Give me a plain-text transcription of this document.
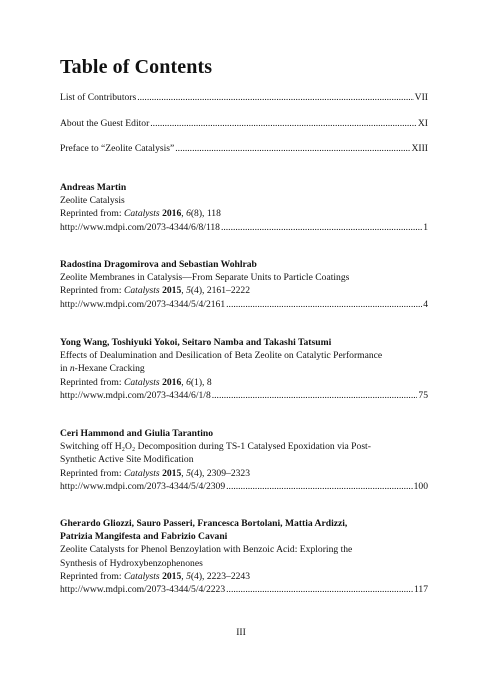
Table of Contents
List of Contributors .....	VII
About the Guest Editor .....	XI
Preface to “Zeolite Catalysis” .....	XIII
Andreas Martin
Zeolite Catalysis
Reprinted from: Catalysts 2016, 6(8), 118
http://www.mdpi.com/2073-4344/6/8/118 .....	1
Radostina Dragomirova and Sebastian Wohlrab
Zeolite Membranes in Catalysis—From Separate Units to Particle Coatings
Reprinted from: Catalysts 2015, 5(4), 2161–2222
http://www.mdpi.com/2073-4344/5/4/2161 .....	4
Yong Wang, Toshiyuki Yokoi, Seitaro Namba and Takashi Tatsumi
Effects of Dealumination and Desilication of Beta Zeolite on Catalytic Performance
in n-Hexane Cracking
Reprinted from: Catalysts 2016, 6(1), 8
http://www.mdpi.com/2073-4344/6/1/8 .....	75
Ceri Hammond and Giulia Tarantino
Switching off H₂O₂ Decomposition during TS-1 Catalysed Epoxidation via Post-
Synthetic Active Site Modification
Reprinted from: Catalysts 2015, 5(4), 2309–2323
http://www.mdpi.com/2073-4344/5/4/2309 .....	100
Gherardo Gliozzi, Sauro Passeri, Francesca Bortolani, Mattia Ardizzi,
Patrizia Mangifesta and Fabrizio Cavani
Zeolite Catalysts for Phenol Benzoylation with Benzoic Acid: Exploring the
Synthesis of Hydroxybenzophenones
Reprinted from: Catalysts 2015, 5(4), 2223–2243
http://www.mdpi.com/2073-4344/5/4/2223 .....	117
III
